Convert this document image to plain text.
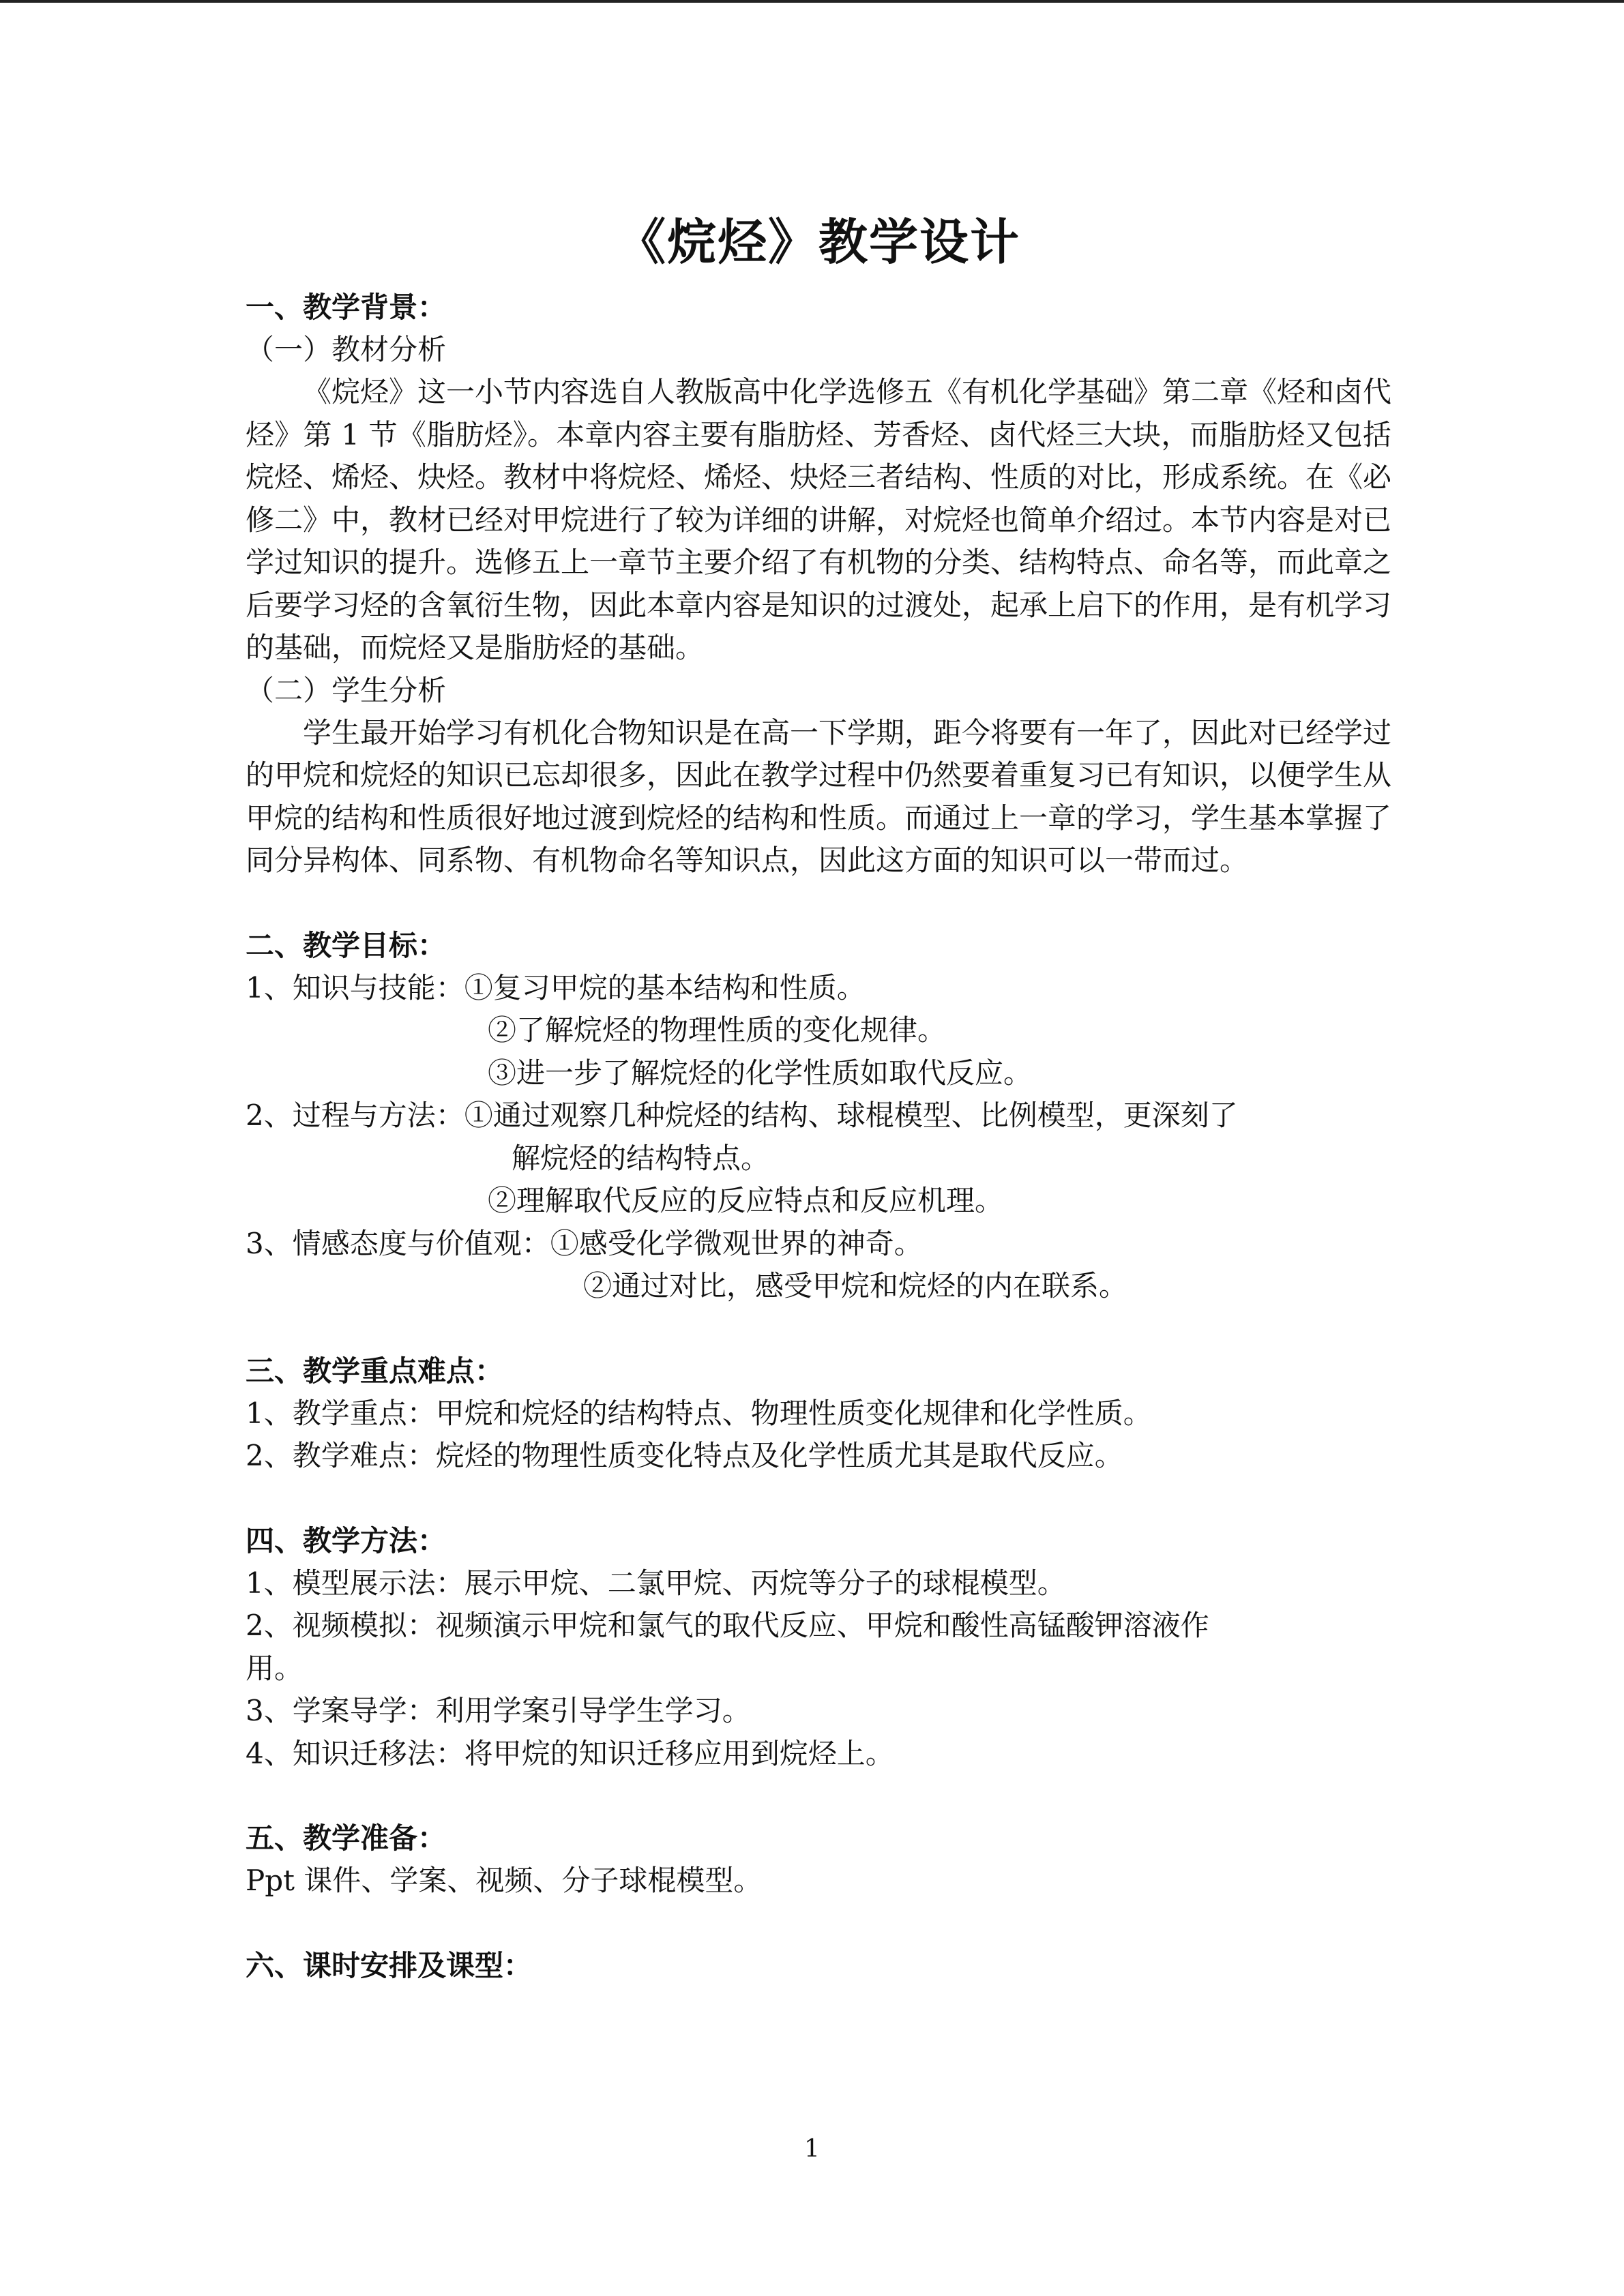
《烷烃》教学设计
一、教学背景：
（一）教材分析

《烷烃》这一小节内容选自人教版高中化学选修五《有机化学基础》第二章《烃和卤代烃》第 1 节《脂肪烃》。本章内容主要有脂肪烃、芳香烃、卤代烃三大块，而脂肪烃又包括烷烃、烯烃、炔烃。教材中将烷烃、烯烃、炔烃三者结构、性质的对比，形成系统。在《必修二》中，教材已经对甲烷进行了较为详细的讲解，对烷烃也简单介绍过。本节内容是对已学过知识的提升。选修五上一章节主要介绍了有机物的分类、结构特点、命名等，而此章之后要学习烃的含氧衍生物，因此本章内容是知识的过渡处，起承上启下的作用，是有机学习的基础，而烷烃又是脂肪烃的基础。

（二）学生分析

学生最开始学习有机化合物知识是在高一下学期，距今将要有一年了，因此对已经学过的甲烷和烷烃的知识已忘却很多，因此在教学过程中仍然要着重复习已有知识，以便学生从甲烷的结构和性质很好地过渡到烷烃的结构和性质。而通过上一章的学习，学生基本掌握了同分异构体、同系物、有机物命名等知识点，因此这方面的知识可以一带而过。

二、教学目标：
1、知识与技能：①复习甲烷的基本结构和性质。
②了解烷烃的物理性质的变化规律。
③进一步了解烷烃的化学性质如取代反应。
2、过程与方法：①通过观察几种烷烃的结构、球棍模型、比例模型，更深刻了
解烷烃的结构特点。
②理解取代反应的反应特点和反应机理。
3、情感态度与价值观：①感受化学微观世界的神奇。
②通过对比，感受甲烷和烷烃的内在联系。
三、教学重点难点：
1、教学重点：甲烷和烷烃的结构特点、物理性质变化规律和化学性质。
2、教学难点：烷烃的物理性质变化特点及化学性质尤其是取代反应。
四、教学方法：
1、模型展示法：展示甲烷、二氯甲烷、丙烷等分子的球棍模型。
2、视频模拟：视频演示甲烷和氯气的取代反应、甲烷和酸性高锰酸钾溶液作
用。
3、学案导学：利用学案引导学生学习。
4、知识迁移法：将甲烷的知识迁移应用到烷烃上。
五、教学准备：
Ppt 课件、学案、视频、分子球棍模型。
六、课时安排及课型：
1
